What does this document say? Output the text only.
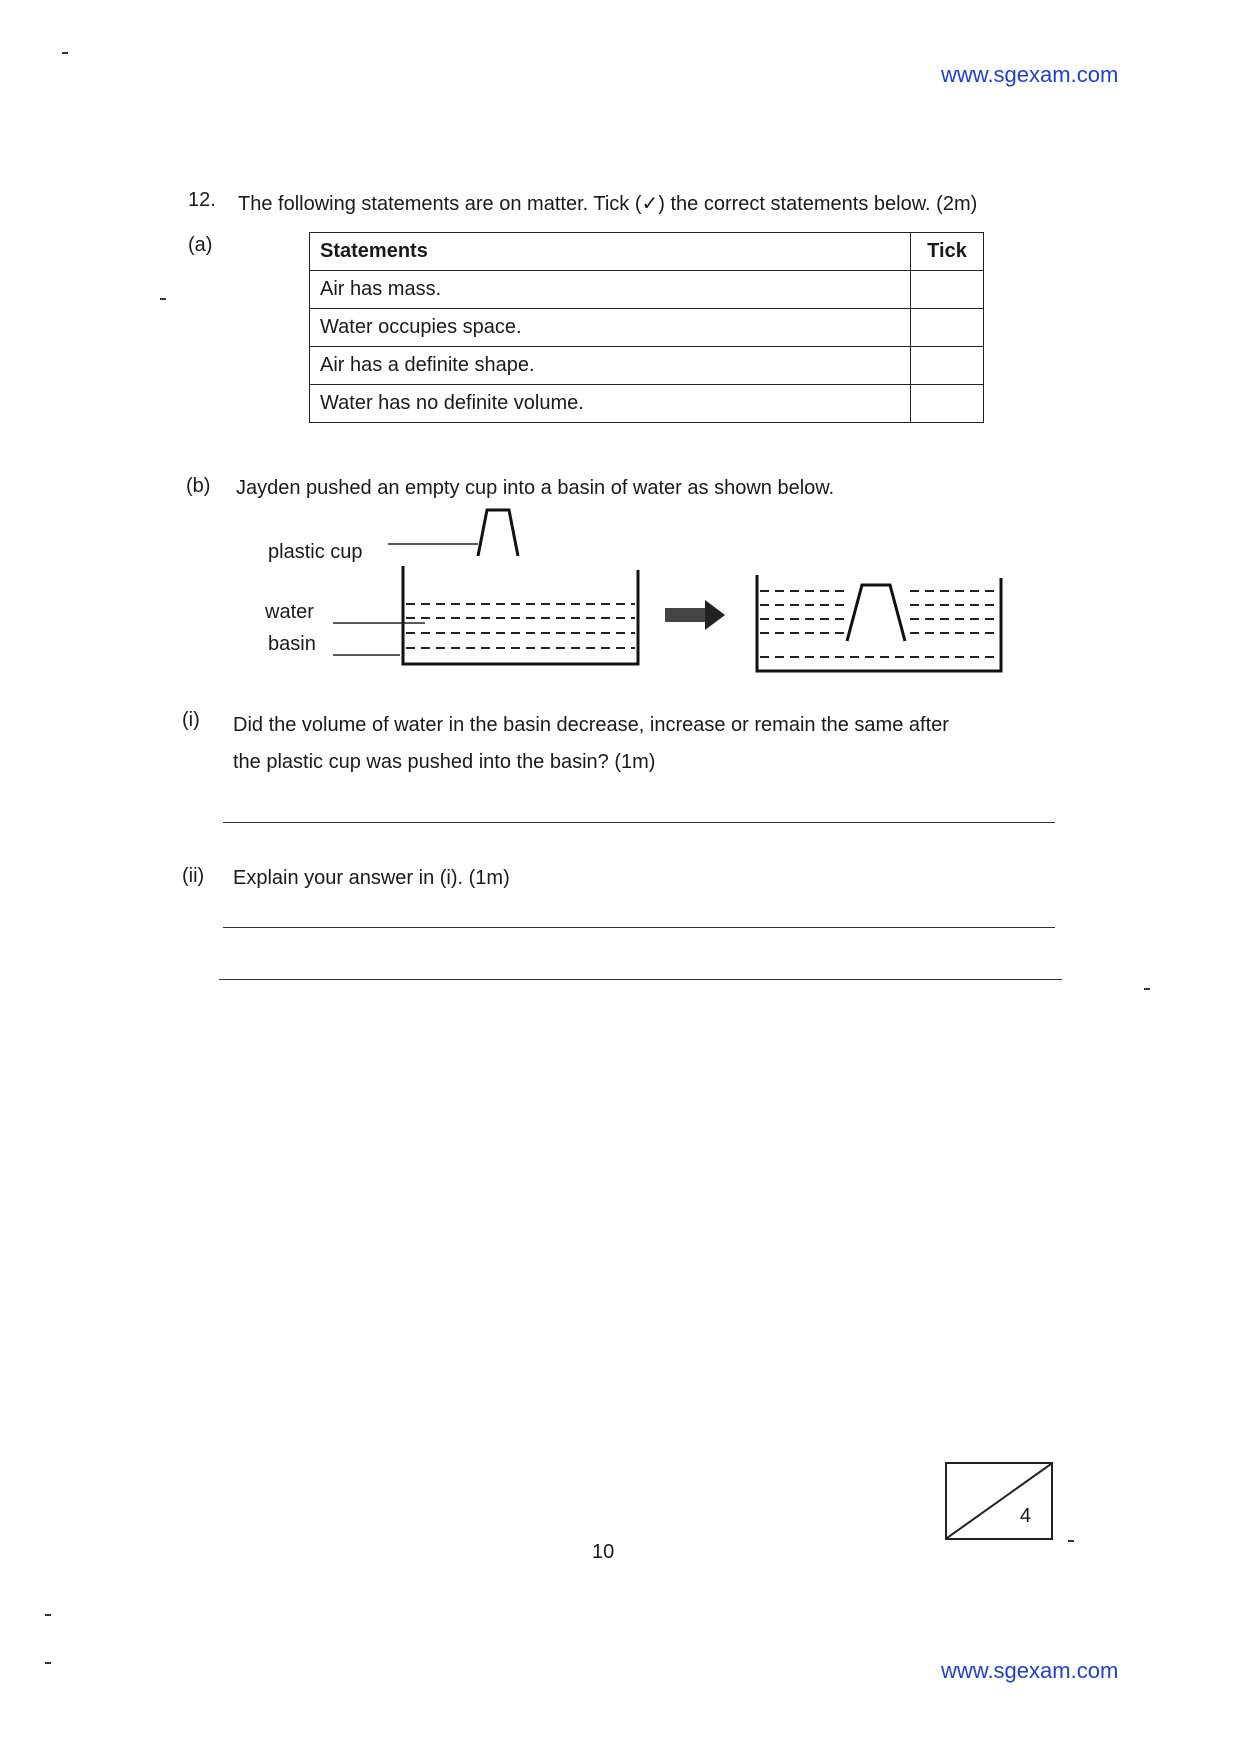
www.sgexam.com
12. The following statements are on matter. Tick (✓) the correct statements below. (2m)
(a)	Statements	Tick
Air has mass.	
Water occupies space.	
Air has a definite shape.	
Water has no definite volume.	
(b) Jayden pushed an empty cup into a basin of water as shown below.
plastic cup
water
basin
(i) Did the volume of water in the basin decrease, increase or remain the same after
the plastic cup was pushed into the basin? (1m)
(ii) Explain your answer in (i). (1m)
4
10
www.sgexam.com
